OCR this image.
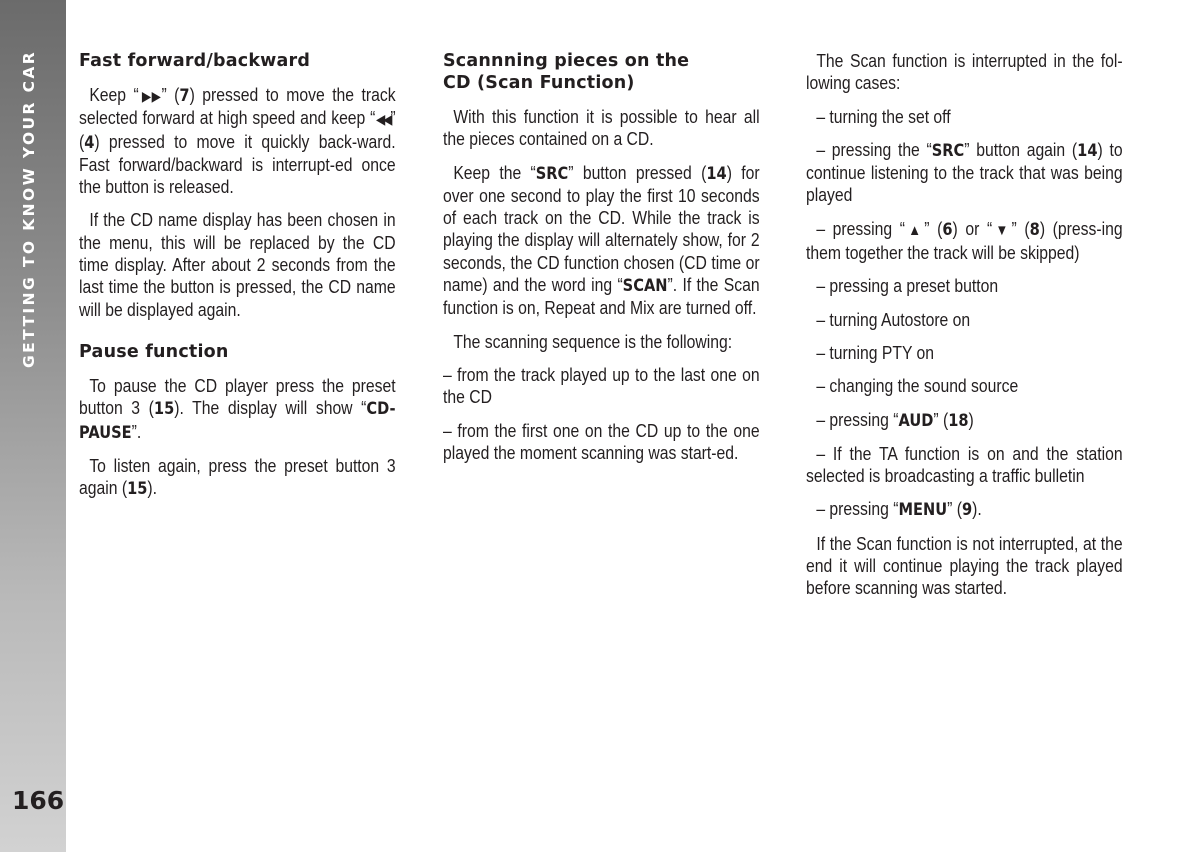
GETTING TO KNOW YOUR CAR
166
Fast forward/backward

Keep “▶▶” (7) pressed to move the track selected forward at high speed and keep “◀◀” (4) pressed to move it quickly back-ward. Fast forward/backward is interrupt-ed once the button is released.

If the CD name display has been chosen in the menu, this will be replaced by the CD time display. After about 2 seconds from the last time the button is pressed, the CD name will be displayed again.

Pause function

To pause the CD player press the preset button 3 (15). The display will show “CD-PAUSE”.

To listen again, press the preset button 3 again (15).

Scannning pieces on the
CD (Scan Function)

With this function it is possible to hear all the pieces contained on a CD.

Keep the “SRC” button pressed (14) for over one second to play the first 10 seconds of each track on the CD. While the track is playing the display will alternately show, for 2 seconds, the CD function chosen (CD time or name) and the word ing “SCAN”. If the Scan function is on, Repeat and Mix are turned off.

The scanning sequence is the following:

– from the track played up to the last one on the CD

– from the first one on the CD up to the one played the moment scanning was start-ed.

The Scan function is interrupted in the fol-lowing cases:

– turning the set off

– pressing the “SRC” button again (14) to continue listening to the track that was being played

– pressing “▲” (6) or “▼” (8) (press-ing them together the track will be skipped)

– pressing a preset button

– turning Autostore on

– turning PTY on

– changing the sound source

– pressing “AUD” (18)

– If the TA function is on and the station selected is broadcasting a traffic bulletin

– pressing “MENU” (9).

If the Scan function is not interrupted, at the end it will continue playing the track played before scanning was started.
